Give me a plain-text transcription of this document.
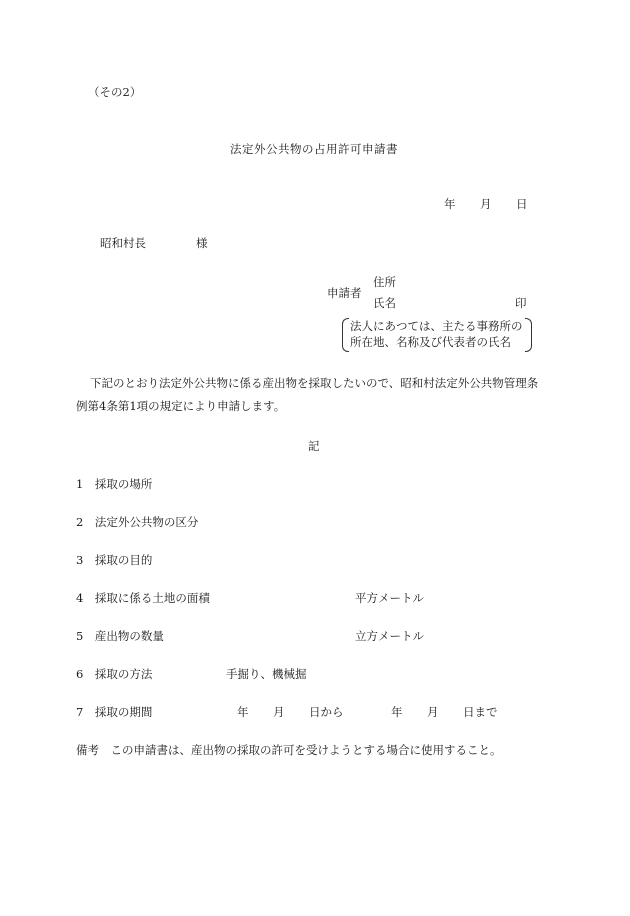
（その2）
法定外公共物の占用許可申請書
年 月 日
昭和村長	様
申請者
住所
氏名	印
法人にあつては、主たる事務所の
所在地、名称及び代表者の氏名
下記のとおり法定外公共物に係る産出物を採取したいので、昭和村法定外公共物管理条
例第4条第1項の規定により申請します。
記
1　採取の場所
2　法定外公共物の区分
3　採取の目的
4　採取に係る土地の面積	平方メートル
5　産出物の数量	立方メートル
6　採取の方法	手掘り、機械掘
7　採取の期間	年 月 日から	年 月 日まで
備考　この申請書は、産出物の採取の許可を受けようとする場合に使用すること。
